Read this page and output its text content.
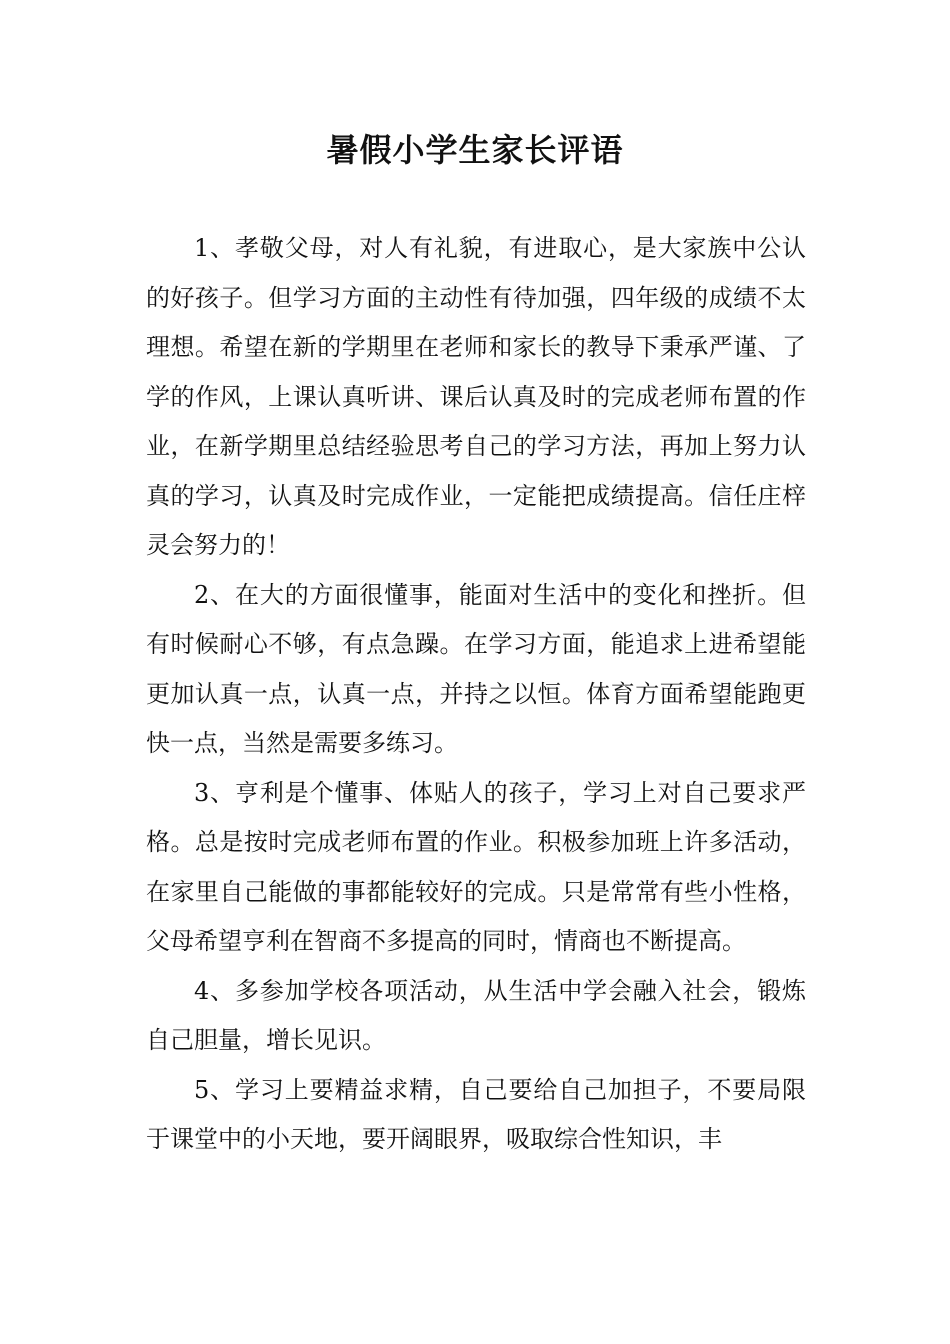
暑假小学生家长评语

1、孝敬父母，对人有礼貌，有进取心，是大家族中公认的好孩子。但学习方面的主动性有待加强，四年级的成绩不太理想。希望在新的学期里在老师和家长的教导下秉承严谨、了学的作风，上课认真听讲、课后认真及时的完成老师布置的作业，在新学期里总结经验思考自己的学习方法，再加上努力认真的学习，认真及时完成作业，一定能把成绩提高。信任庄梓灵会努力的！

2、在大的方面很懂事，能面对生活中的变化和挫折。但有时候耐心不够，有点急躁。在学习方面，能追求上进希望能更加认真一点，认真一点，并持之以恒。体育方面希望能跑更快一点，当然是需要多练习。

3、亨利是个懂事、体贴人的孩子，学习上对自己要求严格。总是按时完成老师布置的作业。积极参加班上许多活动，在家里自己能做的事都能较好的完成。只是常常有些小性格，父母希望亨利在智商不多提高的同时，情商也不断提高。

4、多参加学校各项活动，从生活中学会融入社会，锻炼自己胆量，增长见识。

5、学习上要精益求精，自己要给自己加担子，不要局限于课堂中的小天地，要开阔眼界，吸取综合性知识，丰
